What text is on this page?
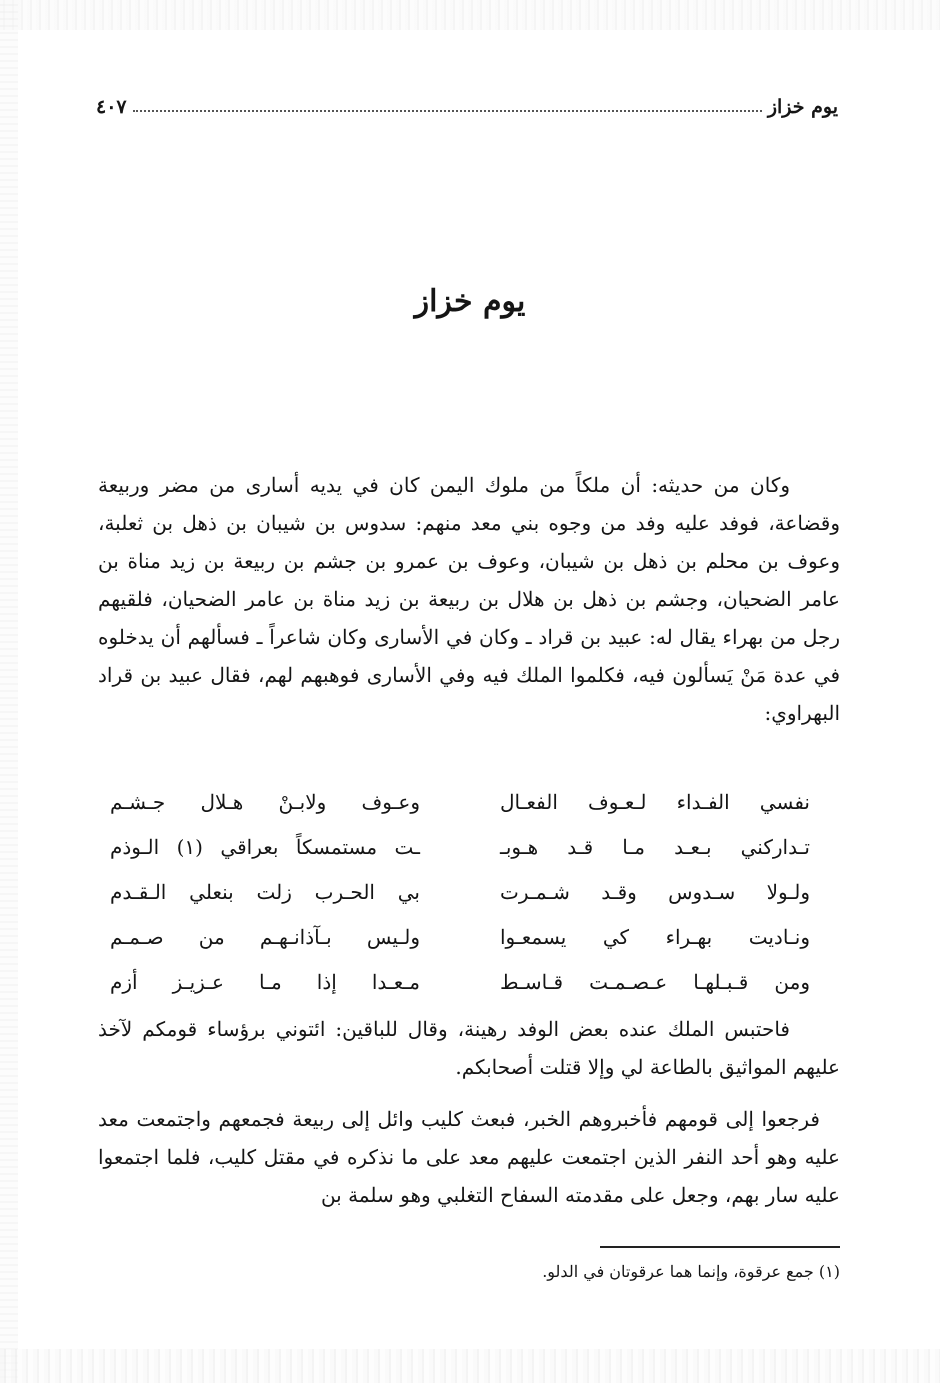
٤٠٧	يوم خزاز
يوم خزاز

وكان من حديثه: أن ملكاً من ملوك اليمن كان في يديه أسارى من مضر وربيعة وقضاعة، فوفد عليه وفد من وجوه بني معد منهم: سدوس بن شيبان بن ذهل بن ثعلبة، وعوف بن محلم بن ذهل بن شيبان، وعوف بن عمرو بن جشم بن ربيعة بن زيد مناة بن عامر الضحيان، وجشم بن ذهل بن هلال بن ربيعة بن زيد مناة بن عامر الضحيان، فلقيهم رجل من بهراء يقال له: عبيد بن قراد ـ وكان في الأسارى وكان شاعراً ـ فسألهم أن يدخلوه في عدة مَنْ يَسألون فيه، فكلموا الملك فيه وفي الأسارى فوهبهم لهم، فقال عبيد بن قراد البهراوي:

نفسي الفـداء لـعـوف الفعـال
وعـوف ولابـنْ هـلال جـشـم
تـداركني بـعـد مـا قـد هـوبـ
ـت مستمسكاً بعراقي (١) الـوذم
ولـولا سـدوس وقـد شـمـرت
بي الحـرب زلت بنعلي الـقـدم
ونـاديت بهـراء كي يسمعـوا
ولـيس بـآذانـهـم من صـمـم
ومن قـبـلهـا عـصـمـت قـاسـط
مـعـدا إذا مـا عـزيـز أزم

فاحتبس الملك عنده بعض الوفد رهينة، وقال للباقين: ائتوني برؤساء قومكم لآخذ عليهم المواثيق بالطاعة لي وإلا قتلت أصحابكم.

فرجعوا إلى قومهم فأخبروهم الخبر، فبعث كليب وائل إلى ربيعة فجمعهم واجتمعت معد عليه وهو أحد النفر الذين اجتمعت عليهم معد على ما نذكره في مقتل كليب، فلما اجتمعوا عليه سار بهم، وجعل على مقدمته السفاح التغلبي وهو سلمة بن

(١) جمع عرقوة، وإنما هما عرقوتان في الدلو.
